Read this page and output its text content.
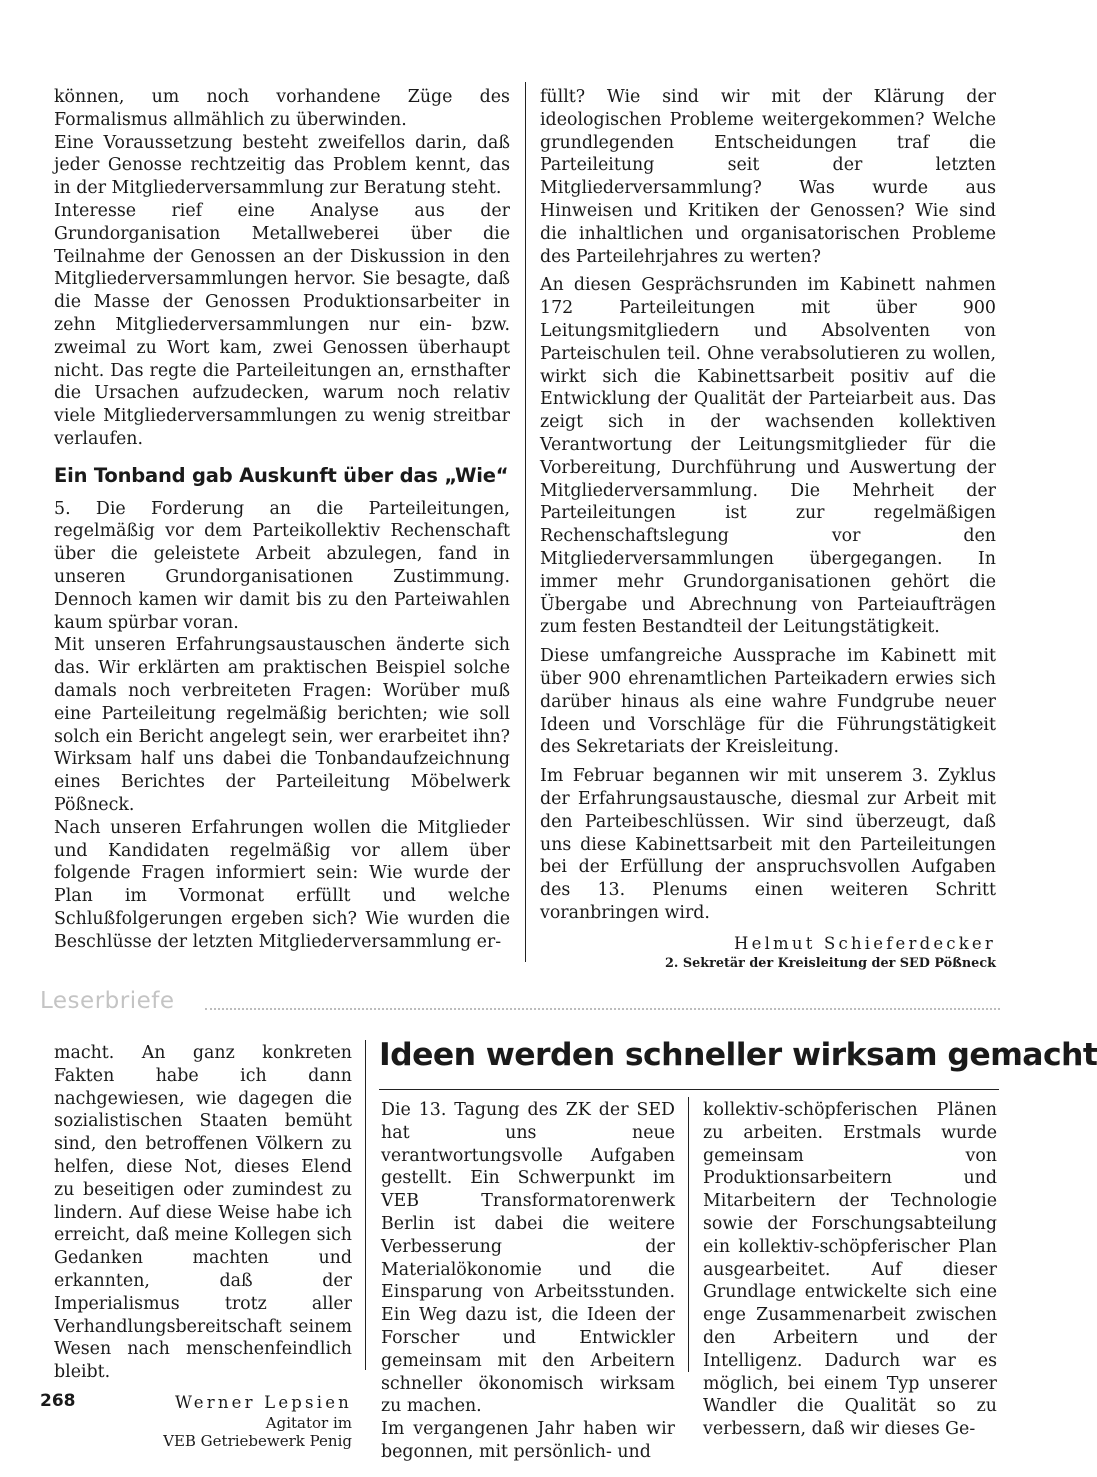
können, um noch vorhandene Züge des Formalismus allmählich zu überwinden.

Eine Voraussetzung besteht zweifellos darin, daß jeder Genosse rechtzeitig das Problem kennt, das in der Mitgliederversammlung zur Beratung steht.

Interesse rief eine Analyse aus der Grundorganisation Metallweberei über die Teilnahme der Genossen an der Diskussion in den Mitgliederversammlungen hervor. Sie besagte, daß die Masse der Genossen Produktionsarbeiter in zehn Mitgliederversammlungen nur ein- bzw. zweimal zu Wort kam, zwei Genossen überhaupt nicht. Das regte die Parteileitungen an, ernsthafter die Ursachen aufzudecken, warum noch relativ viele Mitgliederversammlungen zu wenig streitbar verlaufen.

Ein Tonband gab Auskunft über das „Wie“

5. Die Forderung an die Parteileitungen, regelmäßig vor dem Parteikollektiv Rechenschaft über die geleistete Arbeit abzulegen, fand in unseren Grundorganisationen Zustimmung. Dennoch kamen wir damit bis zu den Parteiwahlen kaum spürbar voran.

Mit unseren Erfahrungsaustauschen änderte sich das. Wir erklärten am praktischen Beispiel solche damals noch verbreiteten Fragen: Worüber muß eine Parteileitung regelmäßig berichten; wie soll solch ein Bericht angelegt sein, wer erarbeitet ihn? Wirksam half uns dabei die Tonbandaufzeichnung eines Berichtes der Parteileitung Möbelwerk Pößneck.

Nach unseren Erfahrungen wollen die Mitglieder und Kandidaten regelmäßig vor allem über folgende Fragen informiert sein: Wie wurde der Plan im Vormonat erfüllt und welche Schlußfolgerungen ergeben sich? Wie wurden die Beschlüsse der letzten Mitgliederversammlung er-

füllt? Wie sind wir mit der Klärung der ideologischen Probleme weitergekommen? Welche grundlegenden Entscheidungen traf die Parteileitung seit der letzten Mitgliederversammlung? Was wurde aus Hinweisen und Kritiken der Genossen? Wie sind die inhaltlichen und organisatorischen Probleme des Parteilehrjahres zu werten?

An diesen Gesprächsrunden im Kabinett nahmen 172 Parteileitungen mit über 900 Leitungsmitgliedern und Absolventen von Parteischulen teil. Ohne verabsolutieren zu wollen, wirkt sich die Kabinettsarbeit positiv auf die Entwicklung der Qualität der Parteiarbeit aus. Das zeigt sich in der wachsenden kollektiven Verantwortung der Leitungsmitglieder für die Vorbereitung, Durchführung und Auswertung der Mitgliederversammlung. Die Mehrheit der Parteileitungen ist zur regelmäßigen Rechenschaftslegung vor den Mitgliederversammlungen übergegangen. In immer mehr Grundorganisationen gehört die Übergabe und Abrechnung von Parteiaufträgen zum festen Bestandteil der Leitungstätigkeit.

Diese umfangreiche Aussprache im Kabinett mit über 900 ehrenamtlichen Parteikadern erwies sich darüber hinaus als eine wahre Fundgrube neuer Ideen und Vorschläge für die Führungstätigkeit des Sekretariats der Kreisleitung.

Im Februar begannen wir mit unserem 3. Zyklus der Erfahrungsaustausche, diesmal zur Arbeit mit den Parteibeschlüssen. Wir sind überzeugt, daß uns diese Kabinettsarbeit mit den Parteileitungen bei der Erfüllung der anspruchsvollen Aufgaben des 13. Plenums einen weiteren Schritt voranbringen wird.

Helmut Schieferdecker
2. Sekretär der Kreisleitung der SED Pößneck
Leserbriefe

macht. An ganz konkreten Fakten habe ich dann nachgewiesen, wie dagegen die sozialistischen Staaten bemüht sind, den betroffenen Völkern zu helfen, diese Not, dieses Elend zu beseitigen oder zumindest zu lindern. Auf diese Weise habe ich erreicht, daß meine Kollegen sich Gedanken machten und erkannten, daß der Imperialismus trotz aller Verhandlungsbereitschaft seinem Wesen nach menschenfeindlich bleibt.

Werner Lepsien
Agitator im
VEB Getriebewerk Penig
Ideen werden schneller wirksam gemacht

Die 13. Tagung des ZK der SED hat uns neue verantwortungsvolle Aufgaben gestellt. Ein Schwerpunkt im VEB Transformatorenwerk Berlin ist dabei die weitere Verbesserung der Materialökonomie und die Einsparung von Arbeitsstunden. Ein Weg dazu ist, die Ideen der Forscher und Entwickler gemeinsam mit den Arbeitern schneller ökonomisch wirksam zu machen.

Im vergangenen Jahr haben wir begonnen, mit persönlich- und

kollektiv-schöpferischen Plänen zu arbeiten. Erstmals wurde gemeinsam von Produktionsarbeitern und Mitarbeitern der Technologie sowie der Forschungsabteilung ein kollektiv-schöpferischer Plan ausgearbeitet. Auf dieser Grundlage entwickelte sich eine enge Zusammenarbeit zwischen den Arbeitern und der Intelligenz. Dadurch war es möglich, bei einem Typ unserer Wandler die Qualität so zu verbessern, daß wir dieses Ge-

268
